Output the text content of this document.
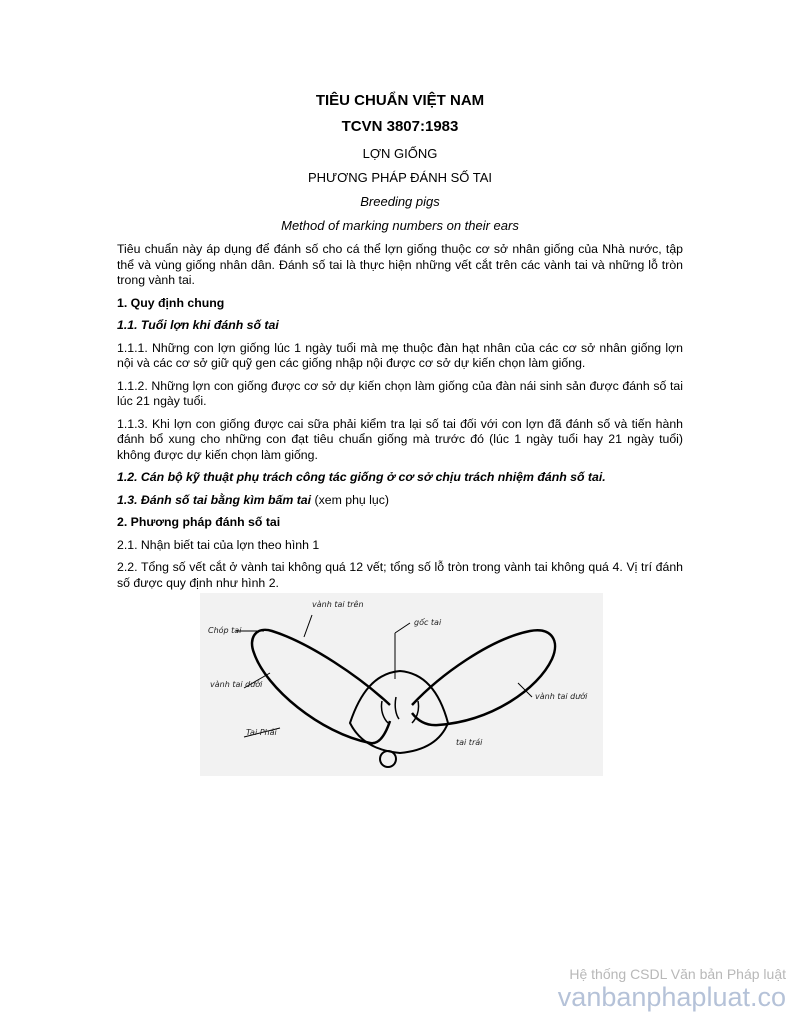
TIÊU CHUẨN VIỆT NAM
TCVN 3807:1983
LỢN GIỐNG
PHƯƠNG PHÁP ĐÁNH SỐ TAI
Breeding pigs
Method of marking numbers on their ears

Tiêu chuẩn này áp dụng để đánh số cho cá thể lợn giống thuộc cơ sở nhân giống của Nhà nước, tập thể và vùng giống nhân dân. Đánh số tai là thực hiện những vết cắt trên các vành tai và những lỗ tròn trong vành tai.

1. Quy định chung

1.1. Tuổi lợn khi đánh số tai

1.1.1. Những con lợn giống lúc 1 ngày tuổi mà mẹ thuộc đàn hạt nhân của các cơ sở nhân giống lợn nội và các cơ sở giữ quỹ gen các giống nhập nội được cơ sở dự kiến chọn làm giống.

1.1.2. Những lợn con giống được cơ sở dự kiến chọn làm giống của đàn nái sinh sản được đánh số tai lúc 21 ngày tuổi.

1.1.3. Khi lợn con giống được cai sữa phải kiểm tra lại số tai đối với con lợn đã đánh số và tiến hành đánh bổ xung cho những con đạt tiêu chuẩn giống mà trước đó (lúc 1 ngày tuổi hay 21 ngày tuổi) không được dự kiến chọn làm giống.

1.2. Cán bộ kỹ thuật phụ trách công tác giống ở cơ sở chịu trách nhiệm đánh số tai.

1.3. Đánh số tai bằng kìm bấm tai (xem phụ lục)

2. Phương pháp đánh số tai

2.1. Nhận biết tai của lợn theo hình 1

2.2. Tổng số vết cắt ở vành tai không quá 12 vết; tổng số lỗ tròn trong vành tai không quá 4. Vị trí đánh số được quy định như hình 2.

vành tai trên
Chóp tai
gốc tai
vành tai dưới
vành tai dưới
Tai Phải
tai trái
Hệ thống CSDL Văn bản Pháp luật
vanbanphapluat.co
